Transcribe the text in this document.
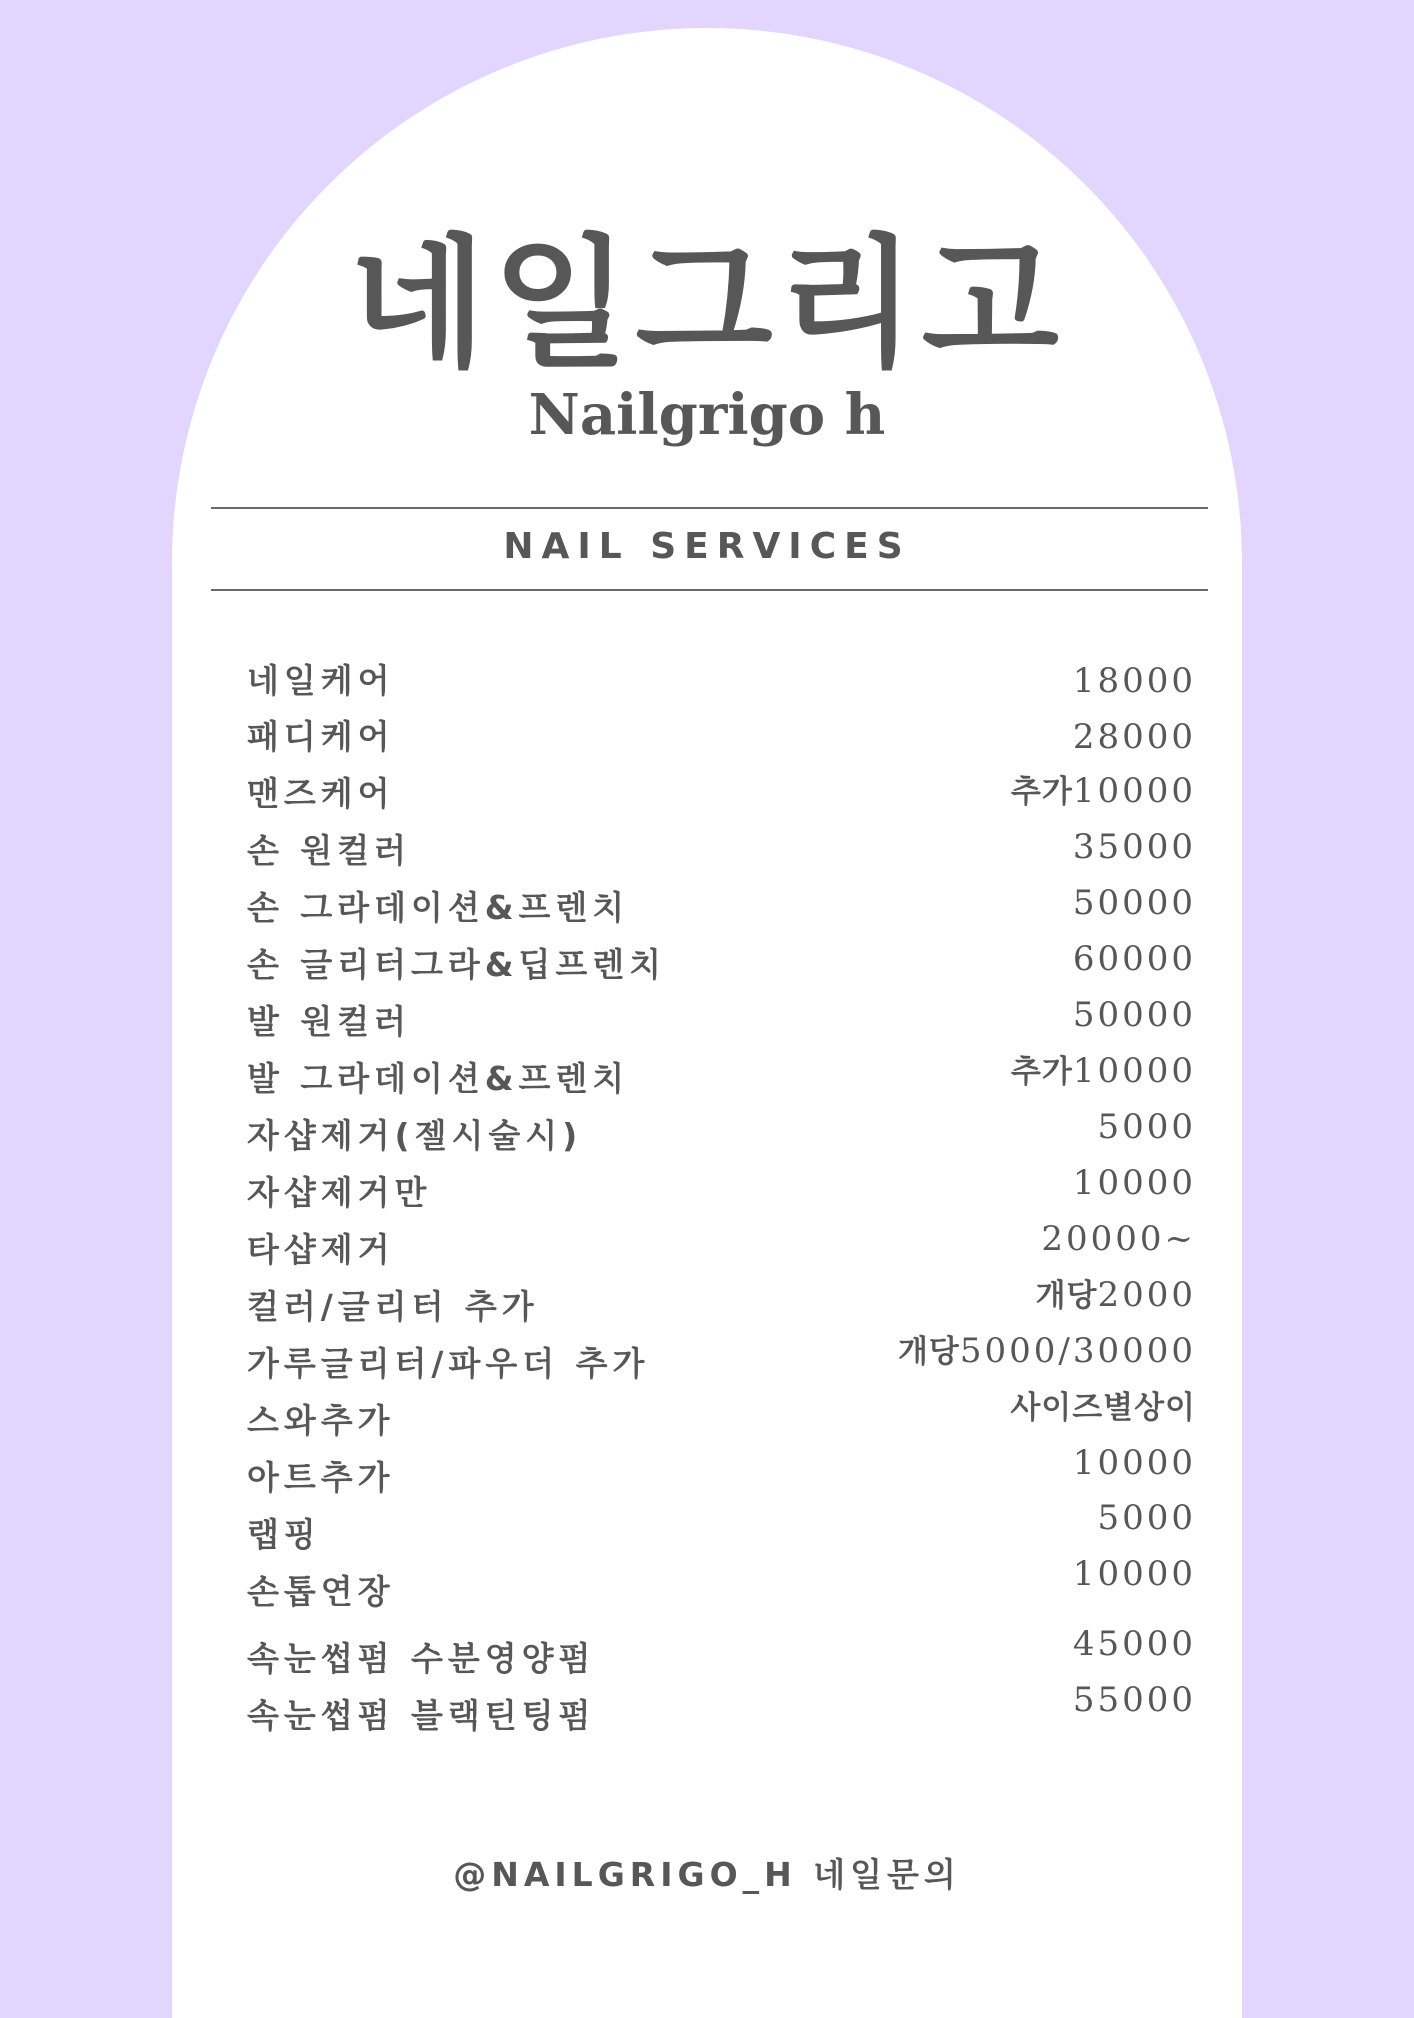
네일그리고
Nailgrigo h
NAIL SERVICES
네일케어	18000
패디케어	28000
맨즈케어	추가10000
손 원컬러	35000
손 그라데이션&프렌치	50000
손 글리터그라&딥프렌치	60000
발 원컬러	50000
발 그라데이션&프렌치	추가10000
자샵제거(젤시술시)	5000
자샵제거만	10000
타샵제거	20000~
컬러/글리터 추가	개당2000
가루글리터/파우더 추가	개당5000/30000
스와추가	사이즈별상이
아트추가	10000
랩핑	5000
손톱연장	10000
속눈썹펌 수분영양펌	45000
속눈썹펌 블랙틴팅펌	55000
@NAILGRIGO_H 네일문의
